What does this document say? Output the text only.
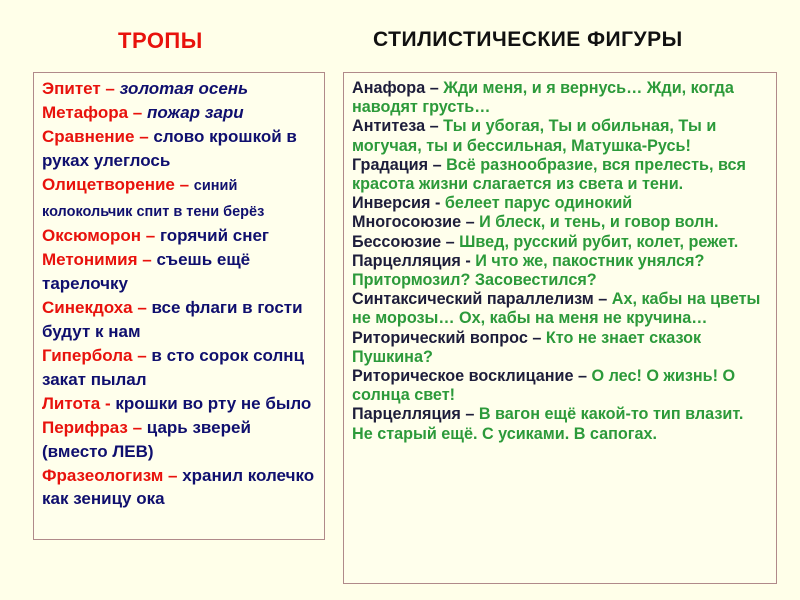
ТРОПЫ	СТИЛИСТИЧЕСКИЕ ФИГУРЫ

Эпитет – золотая осень

Метафора – пожар зари

Сравнение – слово крошкой в руках улеглось

Олицетворение – синий колокольчик спит в тени берёз

Оксюморон – горячий снег

Метонимия – съешь ещё тарелочку

Синекдоха – все флаги в гости будут к нам

Гипербола – в сто сорок солнц закат пылал

Литота - крошки во рту не было

Перифраз – царь зверей (вместо ЛЕВ)

Фразеологизм – хранил колечко как зеницу ока

Анафора – Жди меня, и я вернусь… Жди, когда наводят грусть…

Антитеза – Ты и убогая, Ты и обильная, Ты и могучая, ты и бессильная, Матушка-Русь!

Градация – Всё разнообразие, вся прелесть, вся красота жизни слагается из света и тени.

Инверсия - белеет парус одинокий

Многосоюзие – И блеск, и тень, и говор волн.

Бессоюзие – Швед, русский рубит, колет, режет.

Парцелляция - И что же, пакостник унялся? Притормозил? Засовестился?

Синтаксический параллелизм – Ах, кабы на цветы не морозы… Ох, кабы на меня не кручина…

Риторический вопрос – Кто не знает сказок Пушкина?

Риторическое восклицание – О лес! О жизнь! О солнца свет!

Парцелляция – В вагон ещё какой-то тип влазит. Не старый ещё. С усиками. В сапогах.
